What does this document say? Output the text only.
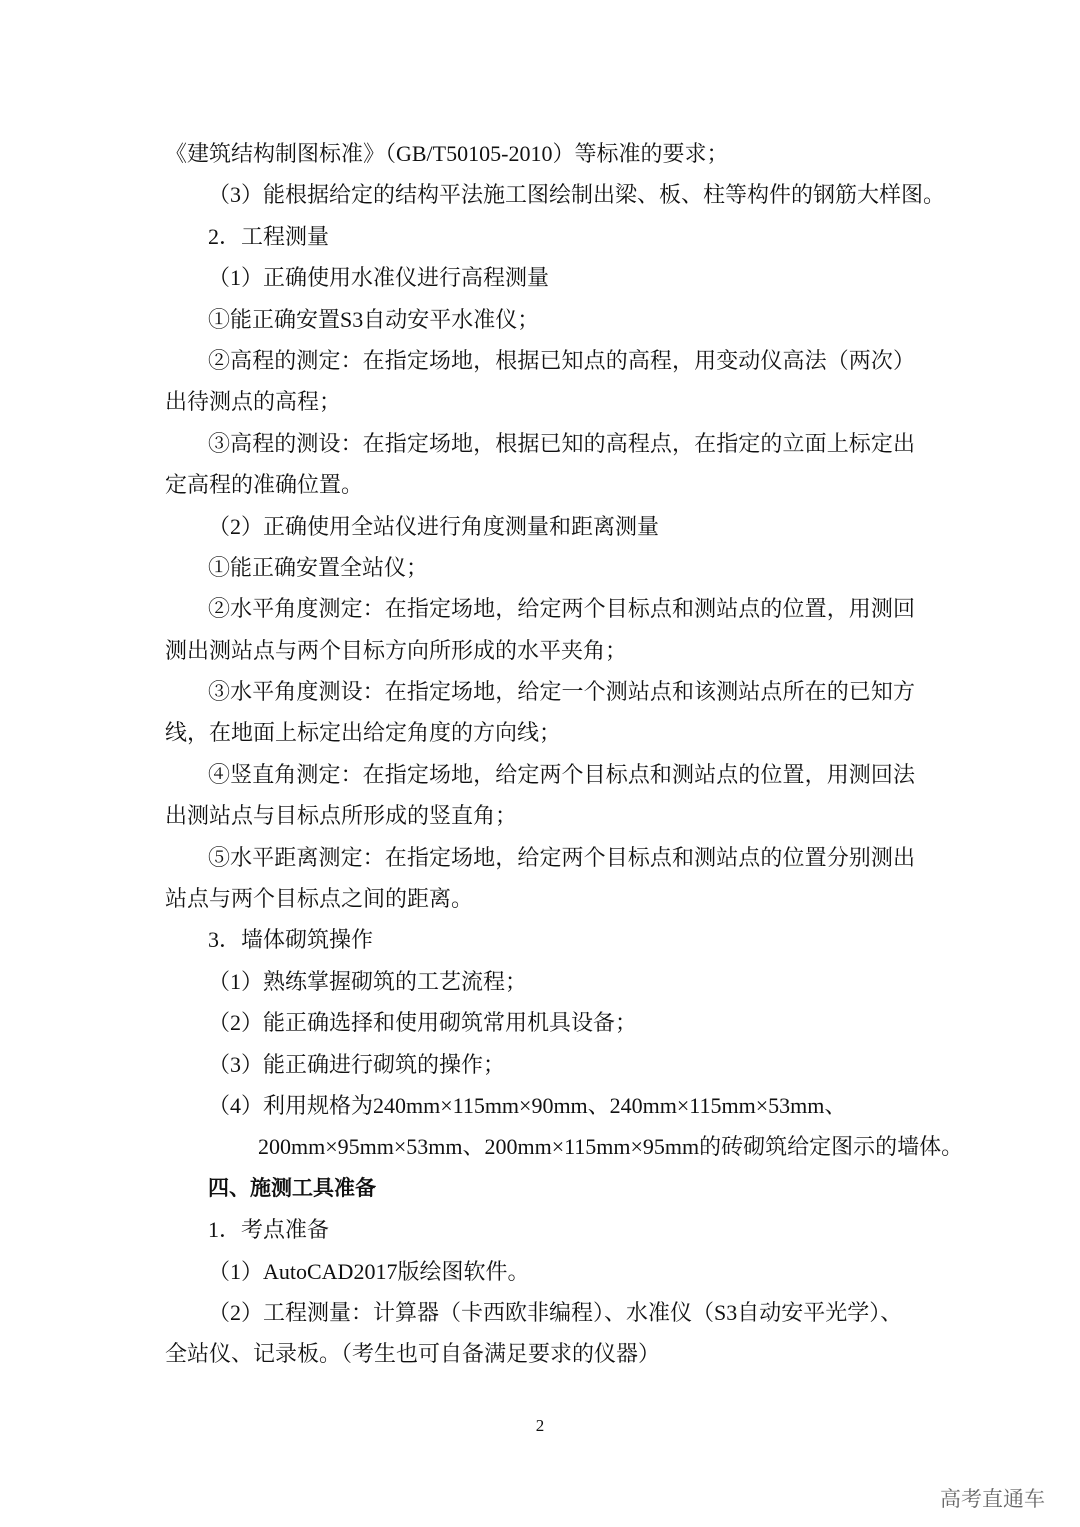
《建筑结构制图标准》（GB/T50105-2010）等标准的要求；
（3）能根据给定的结构平法施工图绘制出梁、板、柱等构件的钢筋大样图。
2．工程测量
（1）正确使用水准仪进行高程测量
①能正确安置S3自动安平水准仪；
②高程的测定：在指定场地，根据已知点的高程，用变动仪高法（两次）
出待测点的高程；
③高程的测设：在指定场地，根据已知的高程点，在指定的立面上标定出
定高程的准确位置。
（2）正确使用全站仪进行角度测量和距离测量
①能正确安置全站仪；
②水平角度测定：在指定场地，给定两个目标点和测站点的位置，用测回
测出测站点与两个目标方向所形成的水平夹角；
③水平角度测设：在指定场地，给定一个测站点和该测站点所在的已知方
线，在地面上标定出给定角度的方向线；
④竖直角测定：在指定场地，给定两个目标点和测站点的位置，用测回法
出测站点与目标点所形成的竖直角；
⑤水平距离测定：在指定场地，给定两个目标点和测站点的位置分别测出
站点与两个目标点之间的距离。
3．墙体砌筑操作
（1）熟练掌握砌筑的工艺流程；
（2）能正确选择和使用砌筑常用机具设备；
（3）能正确进行砌筑的操作；
（4）利用规格为240mm×115mm×90mm、240mm×115mm×53mm、
200mm×95mm×53mm、200mm×115mm×95mm的砖砌筑给定图示的墙体。
四、施测工具准备
1．考点准备
（1）AutoCAD2017版绘图软件。
（2）工程测量：计算器（卡西欧非编程）、水准仪（S3自动安平光学）、
全站仪、记录板。（考生也可自备满足要求的仪器）
2
高考直通车
